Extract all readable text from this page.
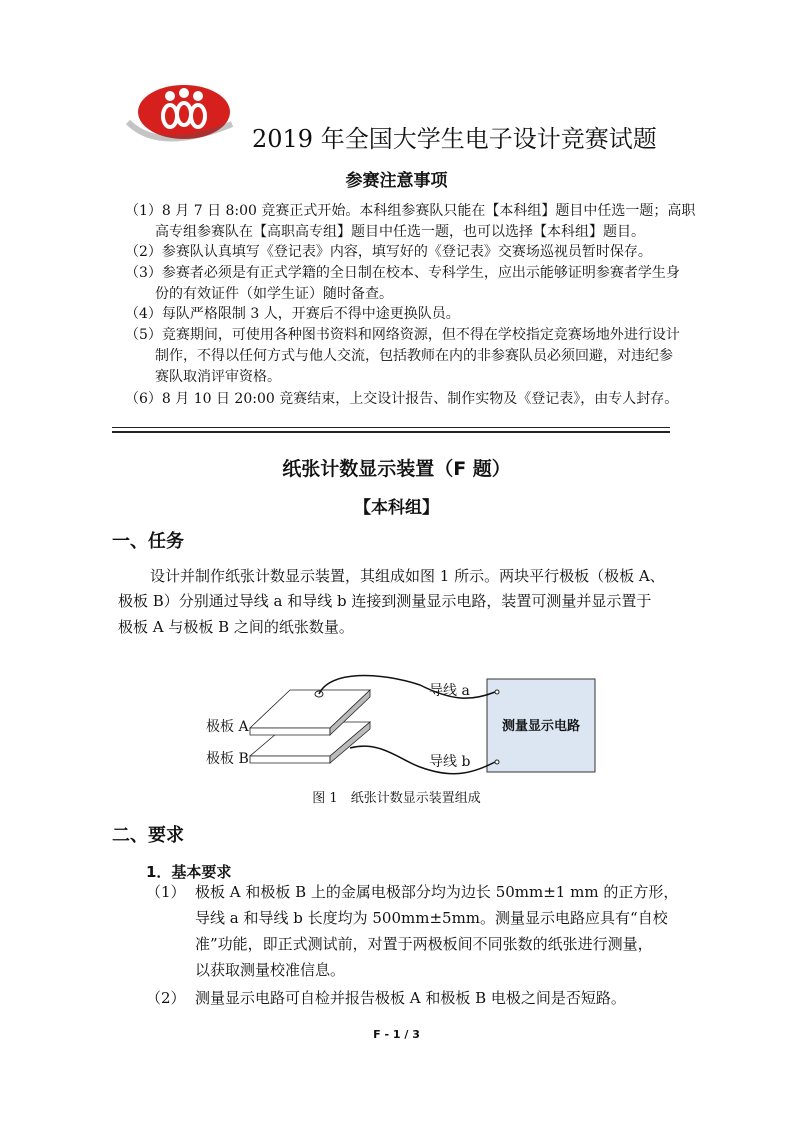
2019 年全国大学生电子设计竞赛试题
参赛注意事项
（1）8 月 7 日 8:00 竞赛正式开始。本科组参赛队只能在【本科组】题目中任选一题；高职
高专组参赛队在【高职高专组】题目中任选一题，也可以选择【本科组】题目。
（2）参赛队认真填写《登记表》内容，填写好的《登记表》交赛场巡视员暂时保存。
（3）参赛者必须是有正式学籍的全日制在校本、专科学生，应出示能够证明参赛者学生身
份的有效证件（如学生证）随时备查。
（4）每队严格限制 3 人，开赛后不得中途更换队员。
（5）竞赛期间，可使用各种图书资料和网络资源，但不得在学校指定竞赛场地外进行设计
制作，不得以任何方式与他人交流，包括教师在内的非参赛队员必须回避，对违纪参
赛队取消评审资格。
（6）8 月 10 日 20:00 竞赛结束，上交设计报告、制作实物及《登记表》，由专人封存。
纸张计数显示装置（F 题）
【本科组】
一、任务
设计并制作纸张计数显示装置，其组成如图 1 所示。两块平行极板（极板 A、
极板 B）分别通过导线 a 和导线 b 连接到测量显示电路，装置可测量并显示置于
极板 A 与极板 B 之间的纸张数量。
极板 A
极板 B
导线 a
导线 b
测量显示电路
图 1　纸张计数显示装置组成
二、要求
1．基本要求
（1） 极板 A 和极板 B 上的金属电极部分均为边长 50mm±1 mm 的正方形，
导线 a 和导线 b 长度均为 500mm±5mm。测量显示电路应具有“自校
准”功能，即正式测试前，对置于两极板间不同张数的纸张进行测量，
以获取测量校准信息。
（2） 测量显示电路可自检并报告极板 A 和极板 B 电极之间是否短路。
F - 1 / 3
